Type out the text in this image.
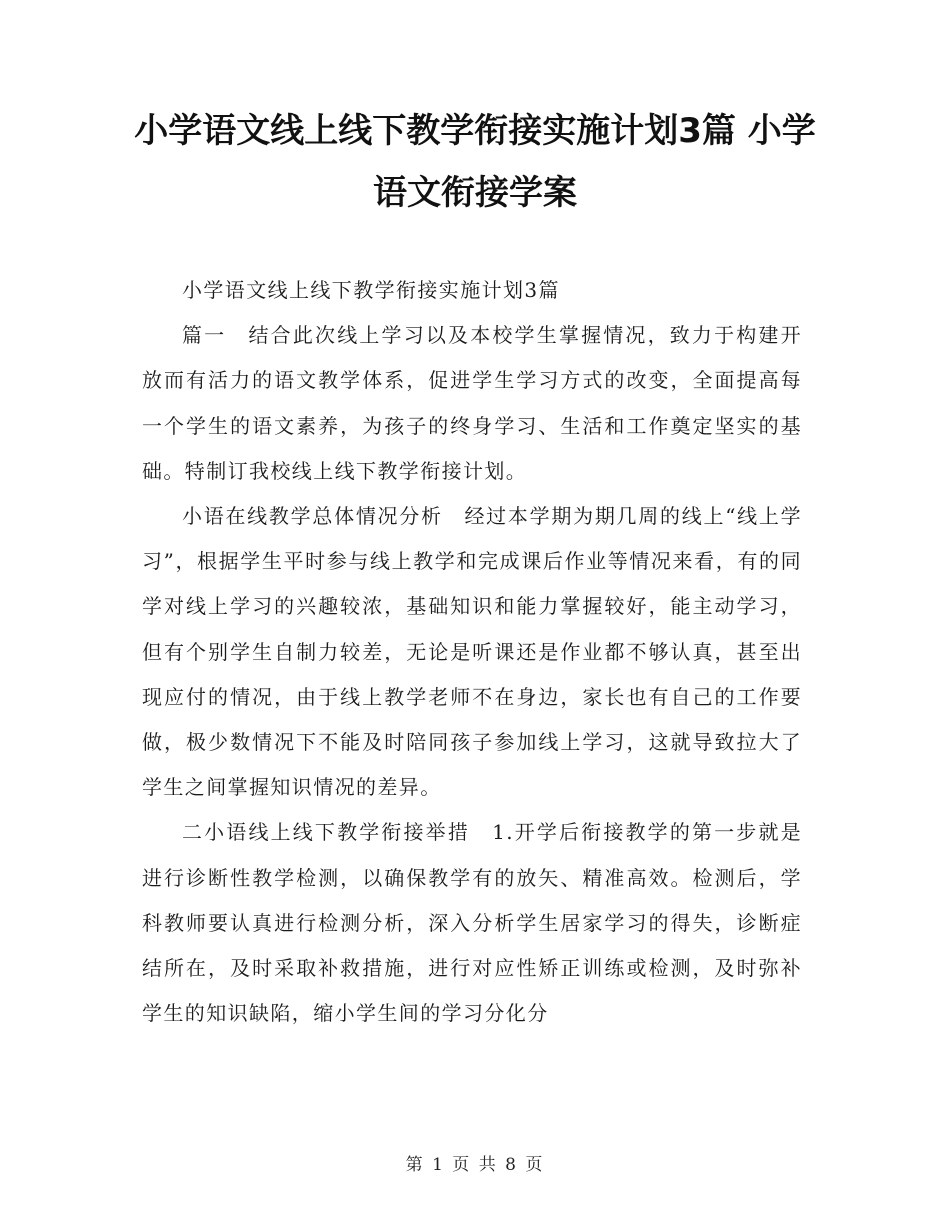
小学语文线上线下教学衔接实施计划3篇 小学语文衔接学案

小学语文线上线下教学衔接实施计划3篇

篇一　结合此次线上学习以及本校学生掌握情况，致力于构建开放而有活力的语文教学体系，促进学生学习方式的改变，全面提高每一个学生的语文素养，为孩子的终身学习、生活和工作奠定坚实的基础。特制订我校线上线下教学衔接计划。

小语在线教学总体情况分析　经过本学期为期几周的线上“线上学习”，根据学生平时参与线上教学和完成课后作业等情况来看，有的同学对线上学习的兴趣较浓，基础知识和能力掌握较好，能主动学习，但有个别学生自制力较差，无论是听课还是作业都不够认真，甚至出现应付的情况，由于线上教学老师不在身边，家长也有自己的工作要做，极少数情况下不能及时陪同孩子参加线上学习，这就导致拉大了学生之间掌握知识情况的差异。

二小语线上线下教学衔接举措　1.开学后衔接教学的第一步就是进行诊断性教学检测，以确保教学有的放矢、精准高效。检测后，学科教师要认真进行检测分析，深入分析学生居家学习的得失，诊断症结所在，及时采取补救措施，进行对应性矫正训练或检测，及时弥补学生的知识缺陷，缩小学生间的学习分化分

第 1 页 共 8 页
